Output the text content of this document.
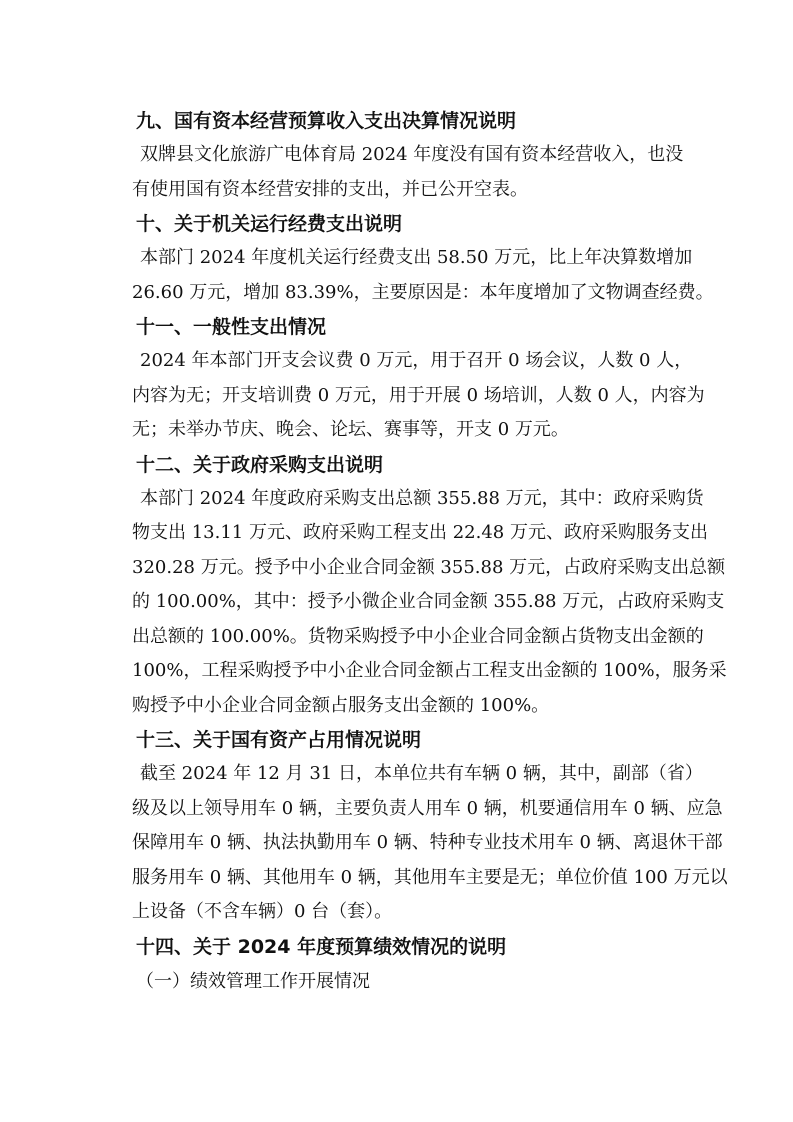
九、国有资本经营预算收入支出决算情况说明

双牌县文化旅游广电体育局 2024 年度没有国有资本经营收入，也没
有使用国有资本经营安排的支出，并已公开空表。

十、关于机关运行经费支出说明

本部门 2024 年度机关运行经费支出 58.50 万元，比上年决算数增加
26.60 万元，增加 83.39%，主要原因是：本年度增加了文物调查经费。

十一、一般性支出情况

2024 年本部门开支会议费 0 万元，用于召开 0 场会议，人数 0 人，
内容为无；开支培训费 0 万元，用于开展 0 场培训，人数 0 人，内容为
无；未举办节庆、晚会、论坛、赛事等，开支 0 万元。

十二、关于政府采购支出说明

本部门 2024 年度政府采购支出总额 355.88 万元，其中：政府采购货
物支出 13.11 万元、政府采购工程支出 22.48 万元、政府采购服务支出
320.28 万元。授予中小企业合同金额 355.88 万元，占政府采购支出总额
的 100.00%，其中：授予小微企业合同金额 355.88 万元，占政府采购支
出总额的 100.00%。货物采购授予中小企业合同金额占货物支出金额的
100%，工程采购授予中小企业合同金额占工程支出金额的 100%，服务采
购授予中小企业合同金额占服务支出金额的 100%。

十三、关于国有资产占用情况说明

截至 2024 年 12 月 31 日，本单位共有车辆 0 辆，其中，副部（省）
级及以上领导用车 0 辆，主要负责人用车 0 辆，机要通信用车 0 辆、应急
保障用车 0 辆、执法执勤用车 0 辆、特种专业技术用车 0 辆、离退休干部
服务用车 0 辆、其他用车 0 辆，其他用车主要是无；单位价值 100 万元以
上设备（不含车辆）0 台（套）。

十四、关于 2024 年度预算绩效情况的说明

（一）绩效管理工作开展情况
